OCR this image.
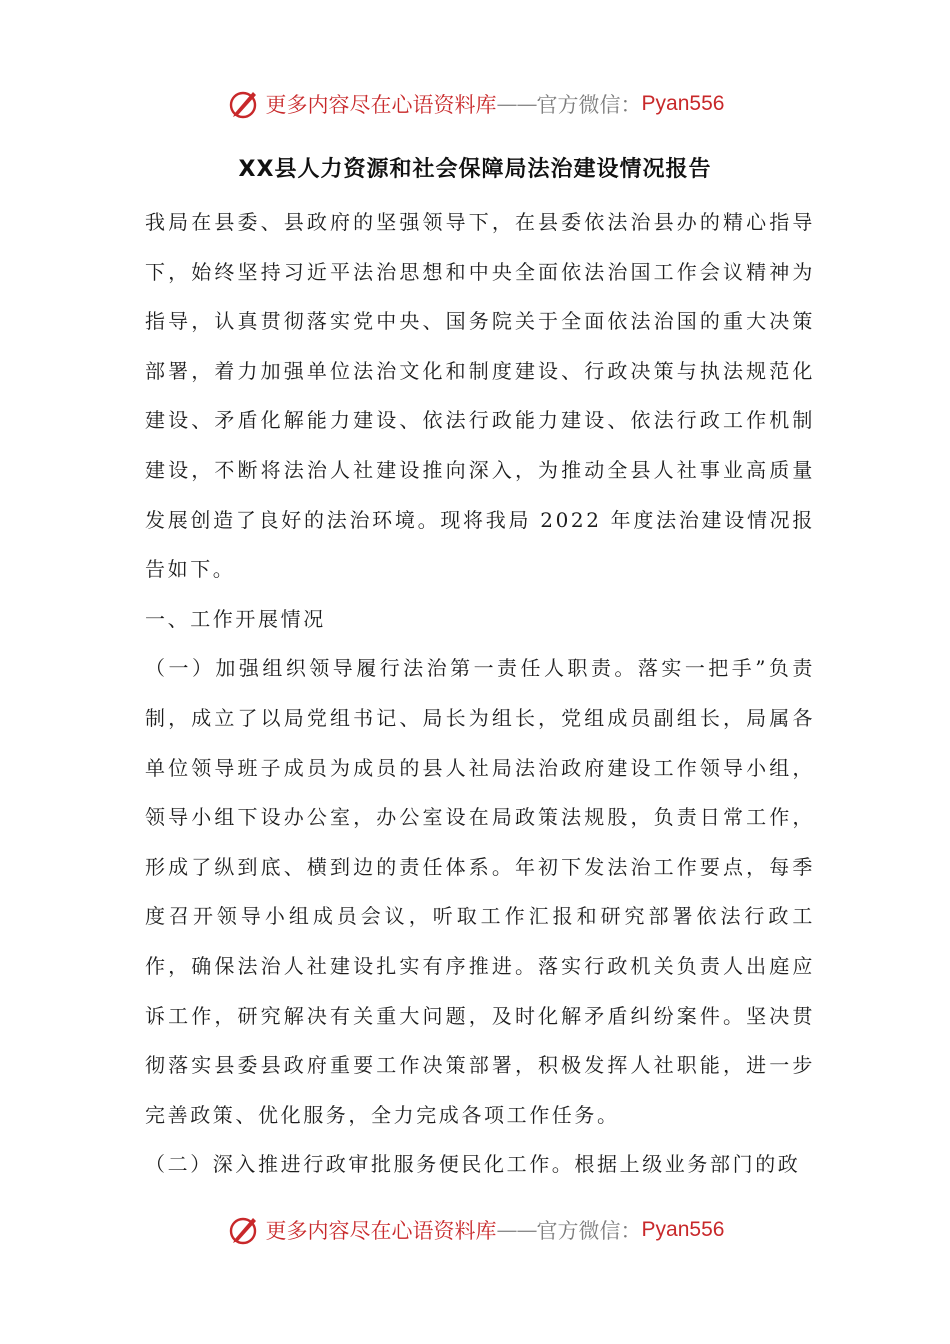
更多内容尽在心语资料库 —— 官方微信： Pyan556
XX县人力资源和社会保障局法治建设情况报告

我局在县委、县政府的坚强领导下，在县委依法治县办的精心指导下，始终坚持习近平法治思想和中央全面依法治国工作会议精神为指导，认真贯彻落实党中央、国务院关于全面依法治国的重大决策部署，着力加强单位法治文化和制度建设、行政决策与执法规范化建设、矛盾化解能力建设、依法行政能力建设、依法行政工作机制建设，不断将法治人社建设推向深入，为推动全县人社事业高质量发展创造了良好的法治环境。现将我局 2022 年度法治建设情况报告如下。

一、工作开展情况

（一）加强组织领导履行法治第一责任人职责。落实一把手”负责制，成立了以局党组书记、局长为组长，党组成员副组长，局属各单位领导班子成员为成员的县人社局法治政府建设工作领导小组，领导小组下设办公室，办公室设在局政策法规股，负责日常工作，形成了纵到底、横到边的责任体系。年初下发法治工作要点，每季度召开领导小组成员会议，听取工作汇报和研究部署依法行政工作，确保法治人社建设扎实有序推进。落实行政机关负责人出庭应诉工作，研究解决有关重大问题，及时化解矛盾纠纷案件。坚决贯彻落实县委县政府重要工作决策部署，积极发挥人社职能，进一步完善政策、优化服务，全力完成各项工作任务。

（二）深入推进行政审批服务便民化工作。根据上级业务部门的政

更多内容尽在心语资料库 —— 官方微信： Pyan556
